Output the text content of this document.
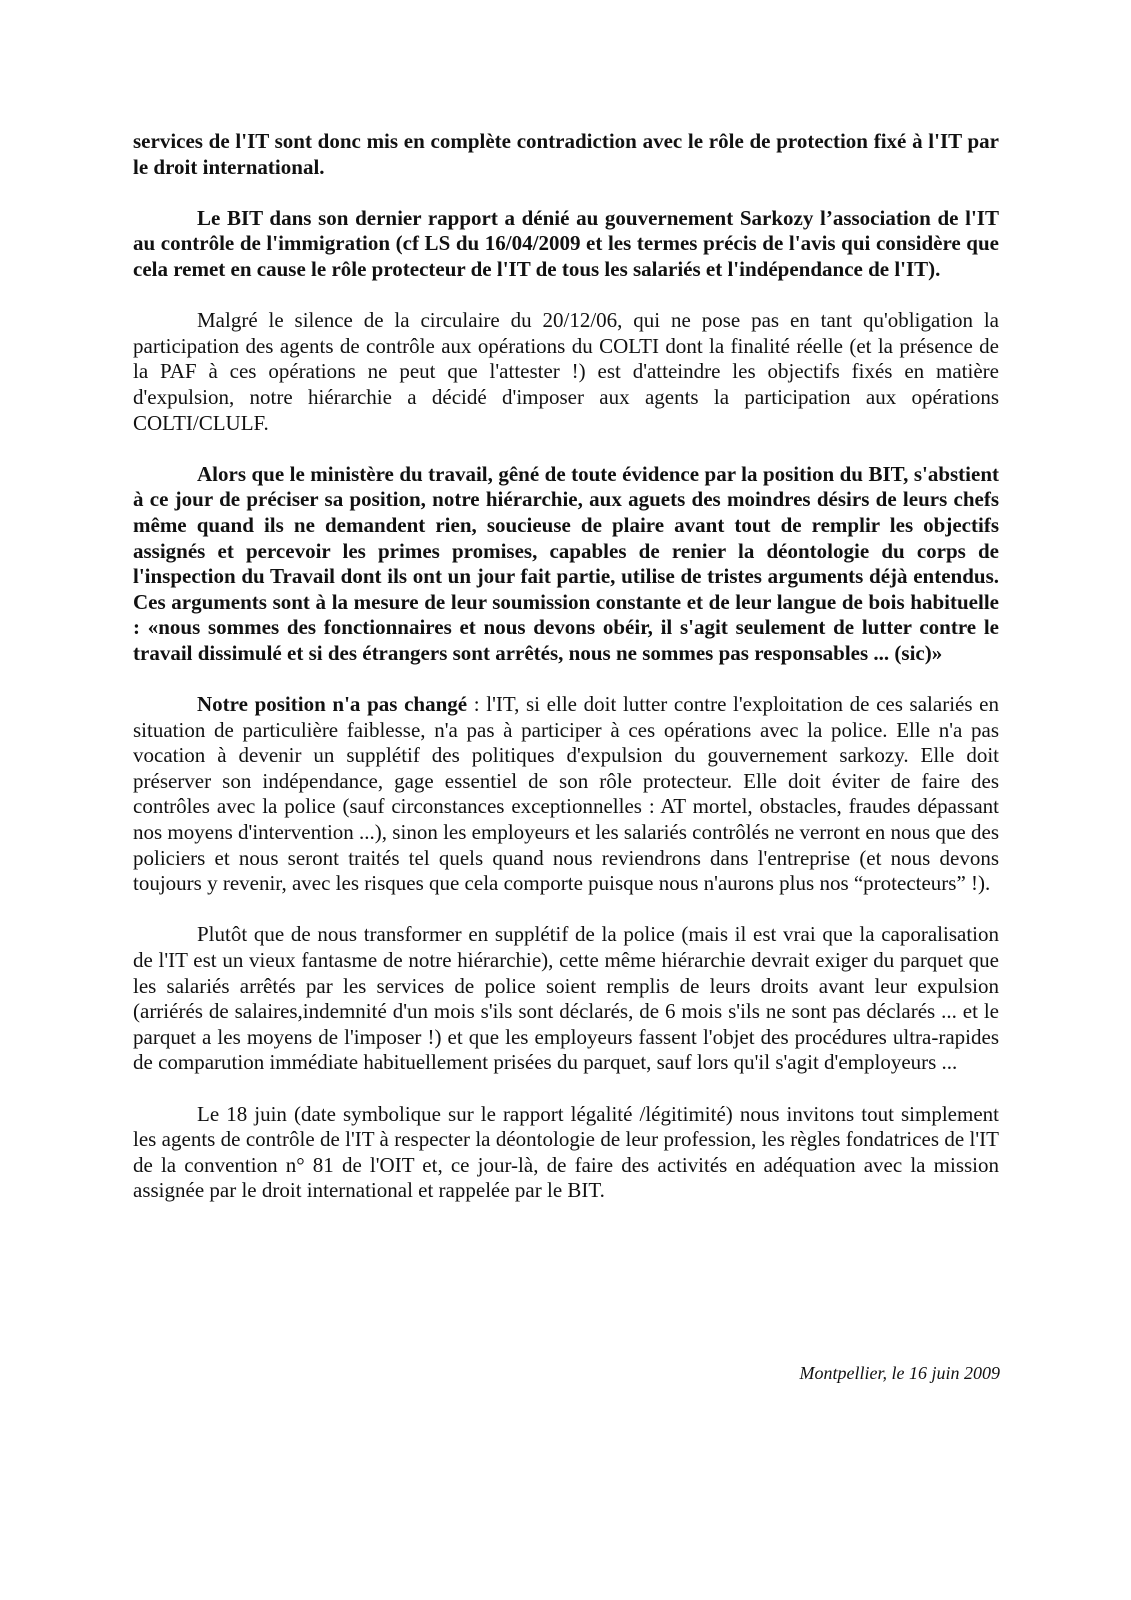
services de l'IT sont donc mis en complète contradiction avec le rôle de protection fixé à l'IT par le droit international.

Le BIT dans son dernier rapport a dénié au gouvernement Sarkozy l’association de l'IT au contrôle de l'immigration (cf LS du 16/04/2009 et les termes précis de l'avis qui considère que cela remet en cause le rôle protecteur de l'IT de tous les salariés et l'indépendance de l'IT).

Malgré le silence de la circulaire du 20/12/06, qui ne pose pas en tant qu'obligation la participation des agents de contrôle aux opérations du COLTI dont la finalité réelle (et la présence de la PAF à ces opérations ne peut que l'attester !) est d'atteindre les objectifs fixés en matière d'expulsion, notre hiérarchie a décidé d'imposer aux agents la participation aux opérations COLTI/CLULF.

Alors que le ministère du travail, gêné de toute évidence par la position du BIT, s'abstient à ce jour de préciser sa position, notre hiérarchie, aux aguets des moindres désirs de leurs chefs même quand ils ne demandent rien, soucieuse de plaire avant tout de remplir les objectifs assignés et percevoir les primes promises, capables de renier la déontologie du corps de l'inspection du Travail dont ils ont un jour fait partie, utilise de tristes arguments déjà entendus. Ces arguments sont à la mesure de leur soumission constante et de leur langue de bois habituelle : «nous sommes des fonctionnaires et nous devons obéir, il s'agit seulement de lutter contre le travail dissimulé et si des étrangers sont arrêtés, nous ne sommes pas responsables ... (sic)»

Notre position n'a pas changé : l'IT, si elle doit lutter contre l'exploitation de ces salariés en situation de particulière faiblesse, n'a pas à participer à ces opérations avec la police. Elle n'a pas vocation à devenir un supplétif des politiques d'expulsion du gouvernement sarkozy. Elle doit préserver son indépendance, gage essentiel de son rôle protecteur. Elle doit éviter de faire des contrôles avec la police (sauf circonstances exceptionnelles : AT mortel, obstacles, fraudes dépassant nos moyens d'intervention ...), sinon les employeurs et les salariés contrôlés ne verront en nous que des policiers et nous seront traités tel quels quand nous reviendrons dans l'entreprise (et nous devons toujours y revenir, avec les risques que cela comporte puisque nous n'aurons plus nos “protecteurs” !).

Plutôt que de nous transformer en supplétif de la police (mais il est vrai que la caporalisation de l'IT est un vieux fantasme de notre hiérarchie), cette même hiérarchie devrait exiger du parquet que les salariés arrêtés par les services de police soient remplis de leurs droits avant leur expulsion (arriérés de salaires,indemnité d'un mois s'ils sont déclarés, de 6 mois s'ils ne sont pas déclarés ... et le parquet a les moyens de l'imposer !) et que les employeurs fassent l'objet des procédures ultra-rapides de comparution immédiate habituellement prisées du parquet, sauf lors qu'il s'agit d'employeurs ...

Le 18 juin (date symbolique sur le rapport légalité /légitimité) nous invitons tout simplement les agents de contrôle de l'IT à respecter la déontologie de leur profession, les règles fondatrices de l'IT de la convention n° 81 de l'OIT et, ce jour-là, de faire des activités en adéquation avec la mission assignée par le droit international et rappelée par le BIT.

Montpellier, le 16 juin 2009
